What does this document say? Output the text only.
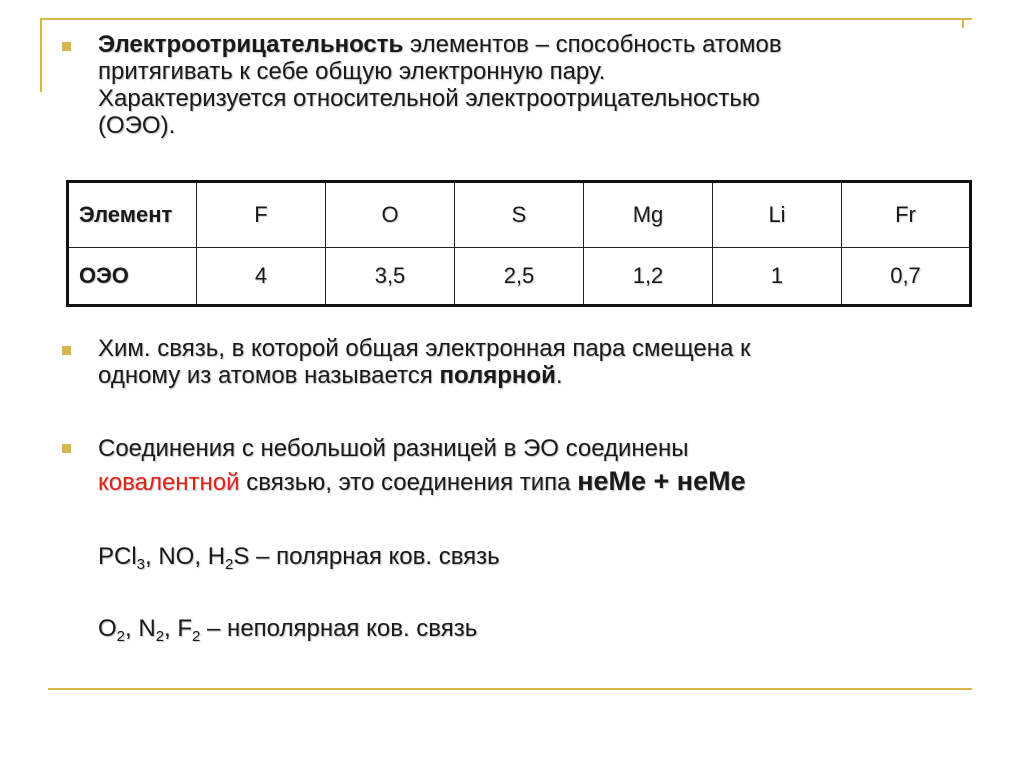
Электроотрицательность элементов – способность атомов
притягивать к себе общую электронную пару.
Характеризуется относительной электроотрицательностью
(ОЭО).
Элемент	F	O	S	Mg	Li	Fr
ОЭО	4	3,5	2,5	1,2	1	0,7
Хим. связь, в которой общая электронная пара смещена к
одному из атомов называется полярной.
Соединения с небольшой разницей в ЭО соединены
ковалентной связью, это соединения типа неМе + неМе
PCl$_3$, NO, $H_2S$ – полярная ков. связь
$O_2$, $N_2$, $F_2$ – неполярная ков. связь
